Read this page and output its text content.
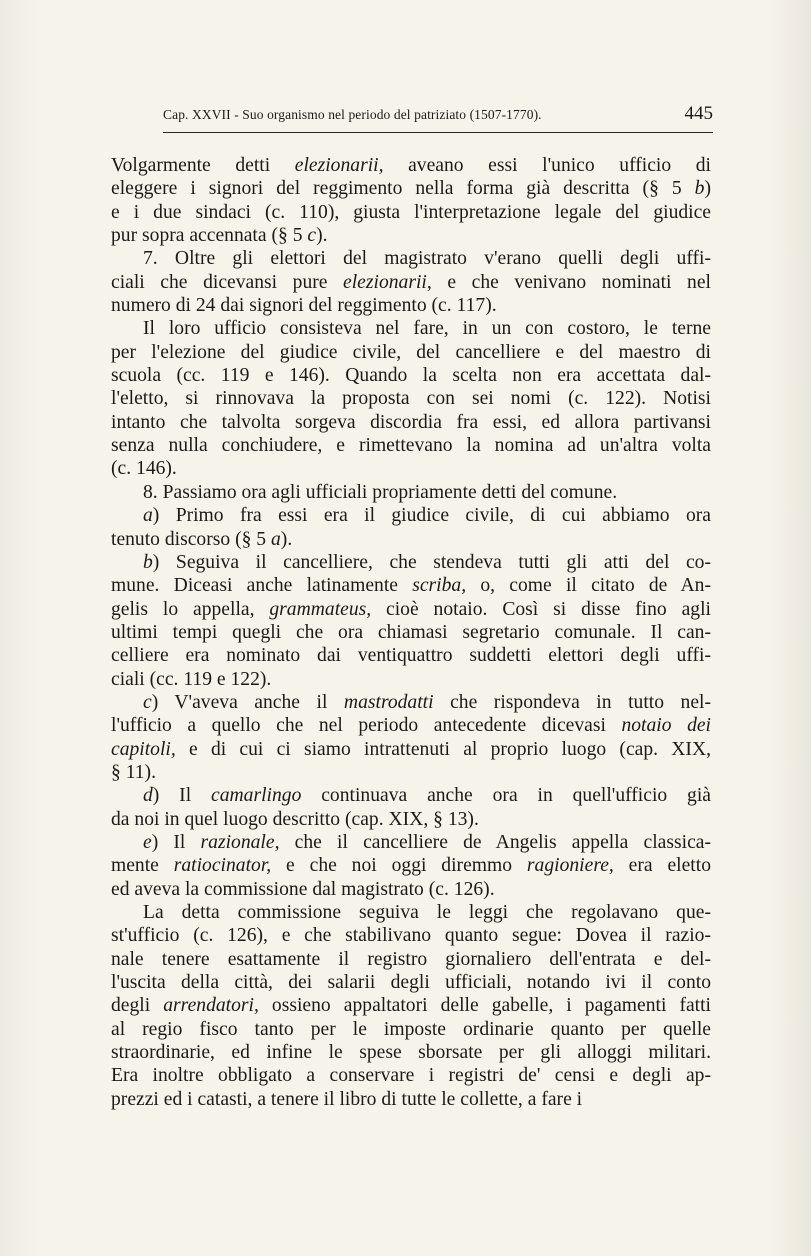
Cap. XXVII - Suo organismo nel periodo del patriziato (1507-1770).	445
Volgarmente detti elezionarii, aveano essi l'unico ufficio di
eleggere i signori del reggimento nella forma già descritta (§ 5 b)
e i due sindaci (c. 110), giusta l'interpretazione legale del giudice
pur sopra accennata (§ 5 c).
7. Oltre gli elettori del magistrato v'erano quelli degli uffi-
ciali che dicevansi pure elezionarii, e che venivano nominati nel
numero di 24 dai signori del reggimento (c. 117).
Il loro ufficio consisteva nel fare, in un con costoro, le terne
per l'elezione del giudice civile, del cancelliere e del maestro di
scuola (cc. 119 e 146). Quando la scelta non era accettata dal-
l'eletto, si rinnovava la proposta con sei nomi (c. 122). Notisi
intanto che talvolta sorgeva discordia fra essi, ed allora partivansi
senza nulla conchiudere, e rimettevano la nomina ad un'altra volta
(c. 146).
8. Passiamo ora agli ufficiali propriamente detti del comune.
a) Primo fra essi era il giudice civile, di cui abbiamo ora
tenuto discorso (§ 5 a).
b) Seguiva il cancelliere, che stendeva tutti gli atti del co-
mune. Diceasi anche latinamente scriba, o, come il citato de An-
gelis lo appella, grammateus, cioè notaio. Così si disse fino agli
ultimi tempi quegli che ora chiamasi segretario comunale. Il can-
celliere era nominato dai ventiquattro suddetti elettori degli uffi-
ciali (cc. 119 e 122).
c) V'aveva anche il mastrodatti che rispondeva in tutto nel-
l'ufficio a quello che nel periodo antecedente dicevasi notaio dei
capitoli, e di cui ci siamo intrattenuti al proprio luogo (cap. XIX,
§ 11).
d) Il camarlingo continuava anche ora in quell'ufficio già
da noi in quel luogo descritto (cap. XIX, § 13).
e) Il razionale, che il cancelliere de Angelis appella classica-
mente ratiocinator, e che noi oggi diremmo ragioniere, era eletto
ed aveva la commissione dal magistrato (c. 126).
La detta commissione seguiva le leggi che regolavano que-
st'ufficio (c. 126), e che stabilivano quanto segue: Dovea il razio-
nale tenere esattamente il registro giornaliero dell'entrata e del-
l'uscita della città, dei salarii degli ufficiali, notando ivi il conto
degli arrendatori, ossieno appaltatori delle gabelle, i pagamenti fatti
al regio fisco tanto per le imposte ordinarie quanto per quelle
straordinarie, ed infine le spese sborsate per gli alloggi militari.
Era inoltre obbligato a conservare i registri de' censi e degli ap-
prezzi ed i catasti, a tenere il libro di tutte le collette, a fare i
